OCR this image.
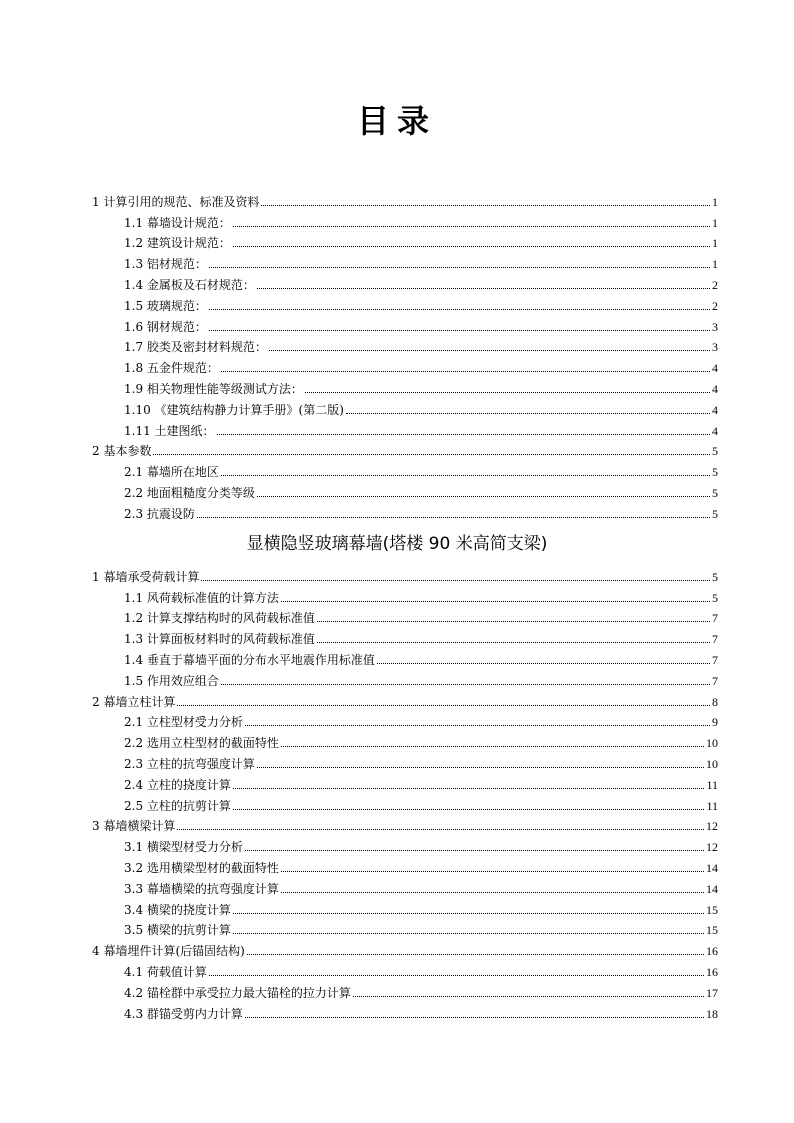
目录
1 计算引用的规范、标准及资料	1
1.1 幕墙设计规范：	1
1.2 建筑设计规范：	1
1.3 铝材规范：	1
1.4 金属板及石材规范：	2
1.5 玻璃规范：	2
1.6 钢材规范：	3
1.7 胶类及密封材料规范：	3
1.8 五金件规范：	4
1.9 相关物理性能等级测试方法：	4
1.10 《建筑结构静力计算手册》(第二版)	4
1.11 土建图纸：	4
2 基本参数	5
2.1 幕墙所在地区	5
2.2 地面粗糙度分类等级	5
2.3 抗震设防	5
显横隐竖玻璃幕墙(塔楼 90 米高简支梁)
1 幕墙承受荷载计算	5
1.1 风荷载标准值的计算方法	5
1.2 计算支撑结构时的风荷载标准值	7
1.3 计算面板材料时的风荷载标准值	7
1.4 垂直于幕墙平面的分布水平地震作用标准值	7
1.5 作用效应组合	7
2 幕墙立柱计算	8
2.1 立柱型材受力分析	9
2.2 选用立柱型材的截面特性	10
2.3 立柱的抗弯强度计算	10
2.4 立柱的挠度计算	11
2.5 立柱的抗剪计算	11
3 幕墙横梁计算	12
3.1 横梁型材受力分析	12
3.2 选用横梁型材的截面特性	14
3.3 幕墙横梁的抗弯强度计算	14
3.4 横梁的挠度计算	15
3.5 横梁的抗剪计算	15
4 幕墙埋件计算(后锚固结构)	16
4.1 荷载值计算	16
4.2 锚栓群中承受拉力最大锚栓的拉力计算	17
4.3 群锚受剪内力计算	18
